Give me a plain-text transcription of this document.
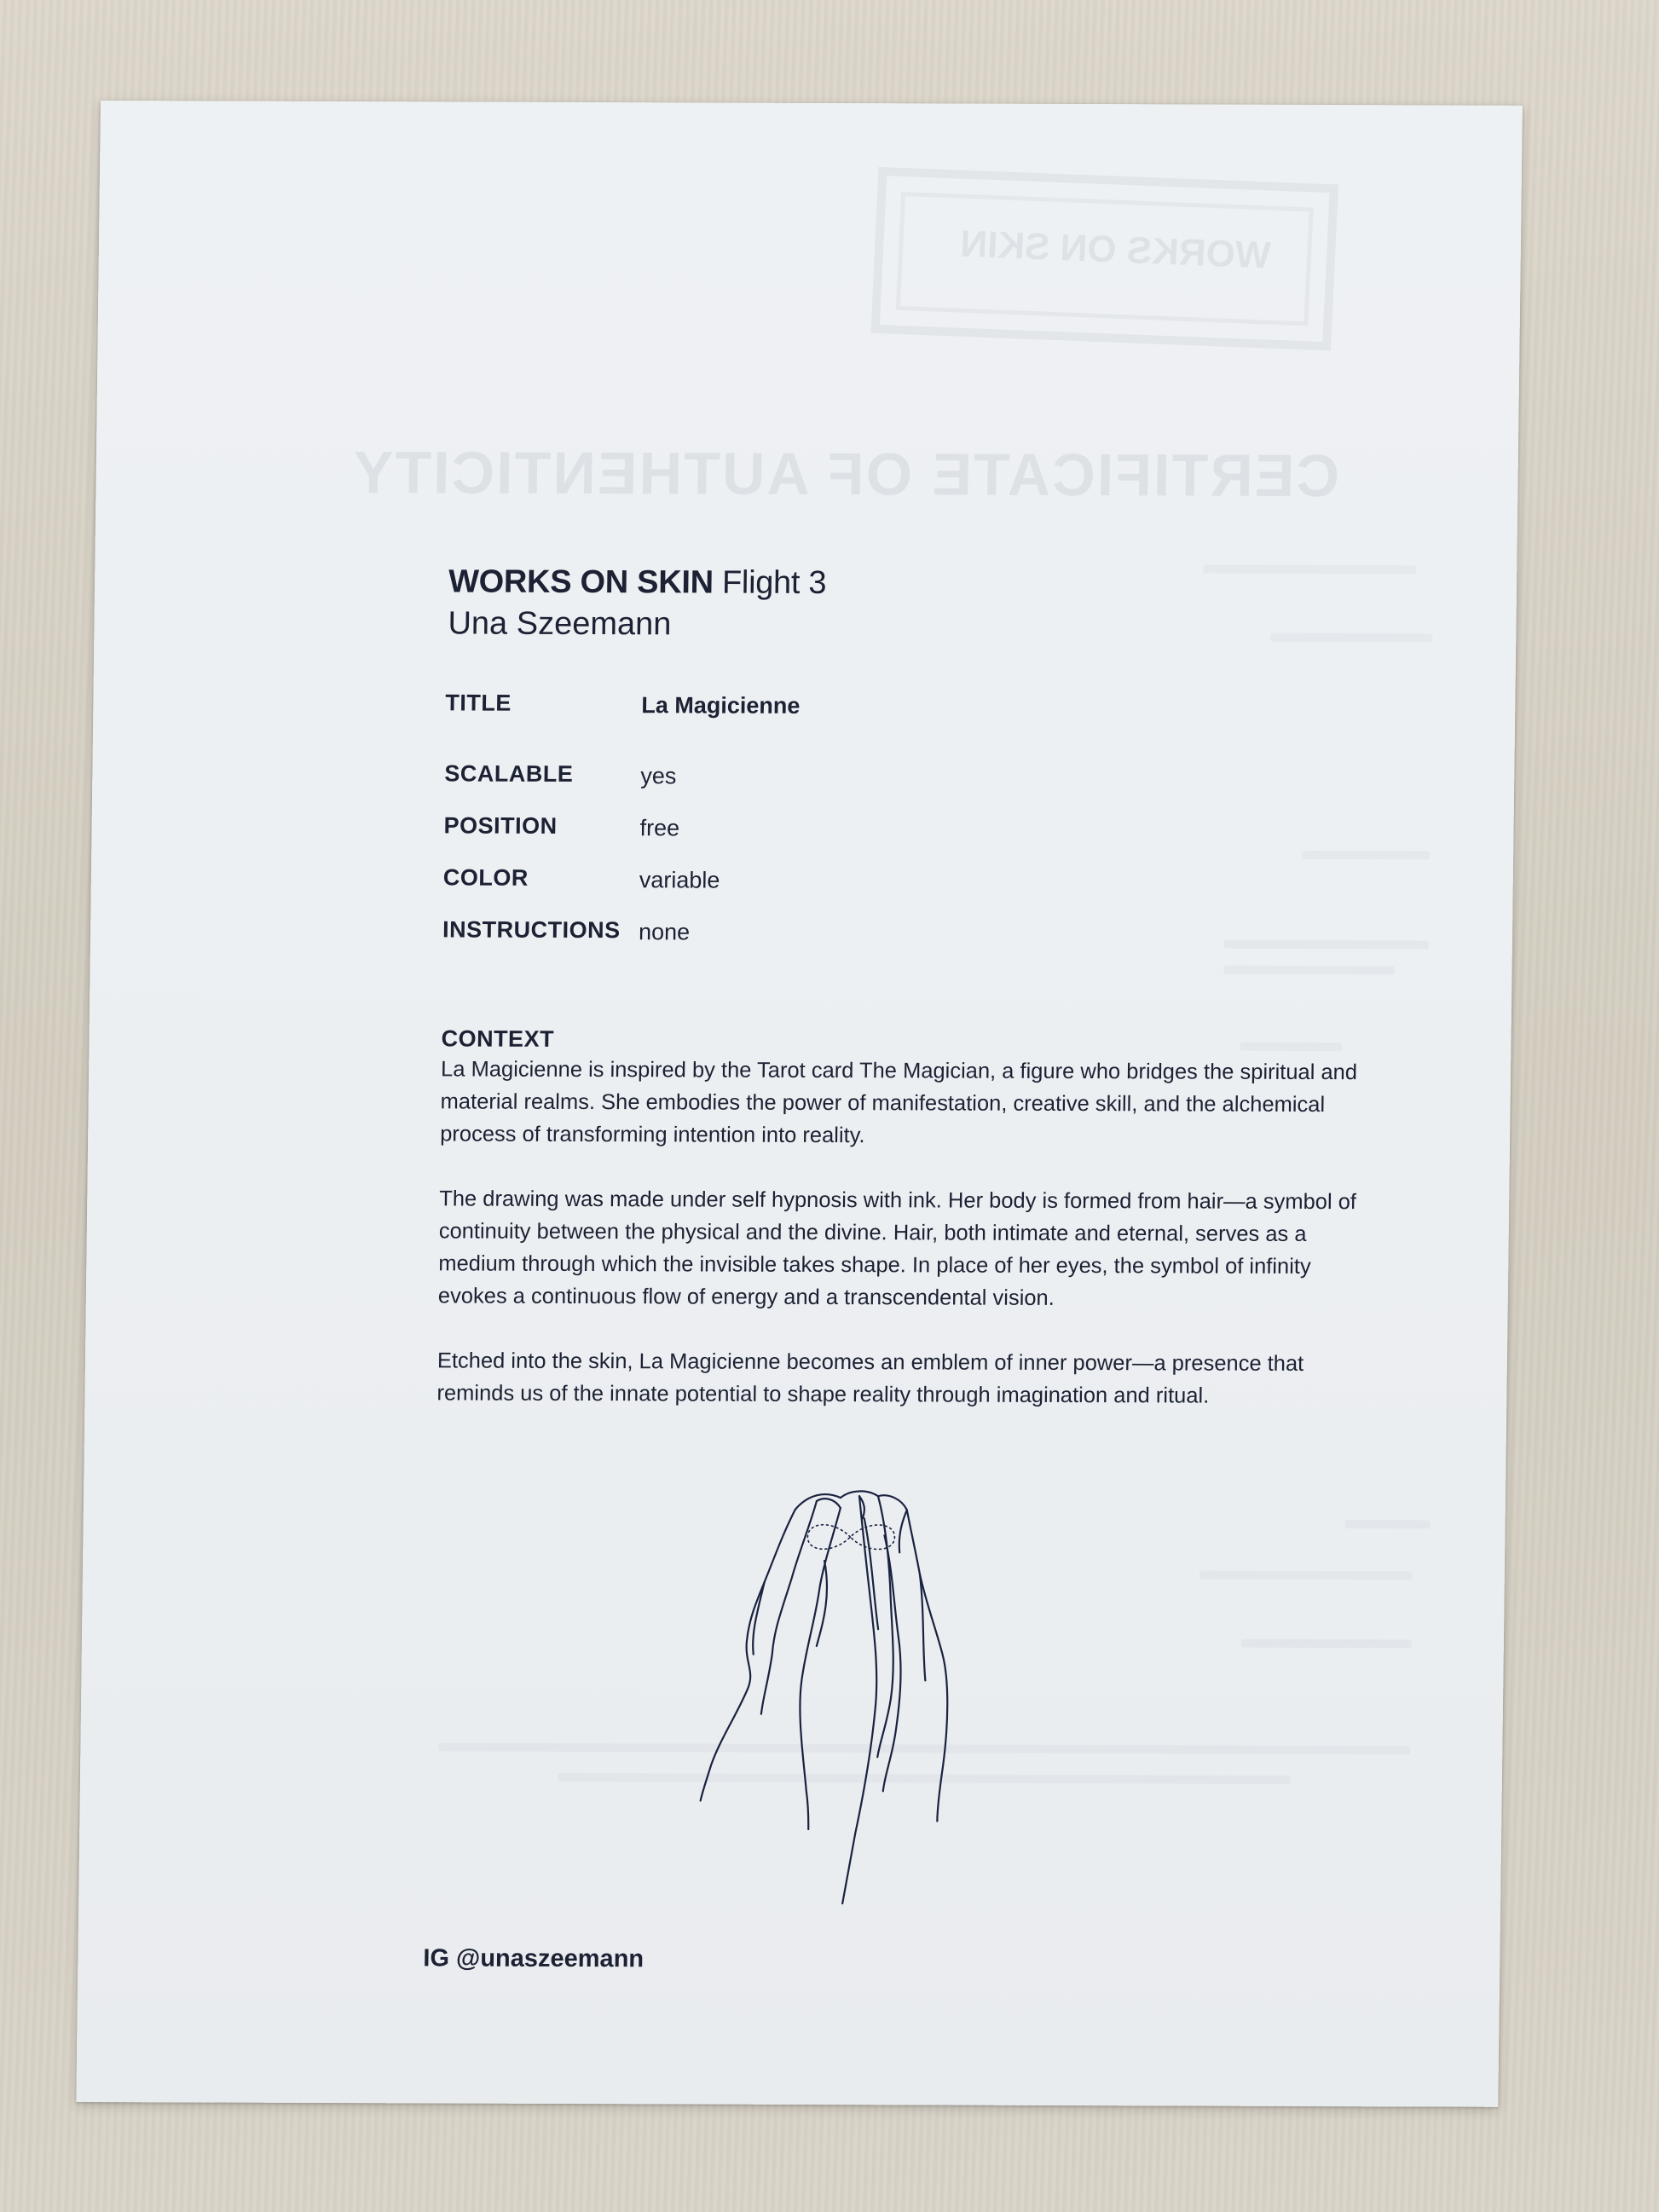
WORKS ON SKIN
CERTIFICATE OF AUTHENTICITY
WORKS ON SKIN Flight 3
Una Szeemann
TITLE	La Magicienne
SCALABLE	yes
POSITION	free
COLOR	variable
INSTRUCTIONS none
CONTEXT

La Magicienne is inspired by the Tarot card The Magician, a figure who bridges the spiritual and material realms. She embodies the power of manifestation, creative skill, and the alchemical process of transforming intention into reality.

The drawing was made under self hypnosis with ink. Her body is formed from hair—a symbol of continuity between the physical and the divine. Hair, both intimate and eternal, serves as a medium through which the invisible takes shape. In place of her eyes, the symbol of infinity evokes a continuous flow of energy and a transcendental vision.

Etched into the skin, La Magicienne becomes an emblem of inner power—a presence that reminds us of the innate potential to shape reality through imagination and ritual.

IG @unaszeemann
